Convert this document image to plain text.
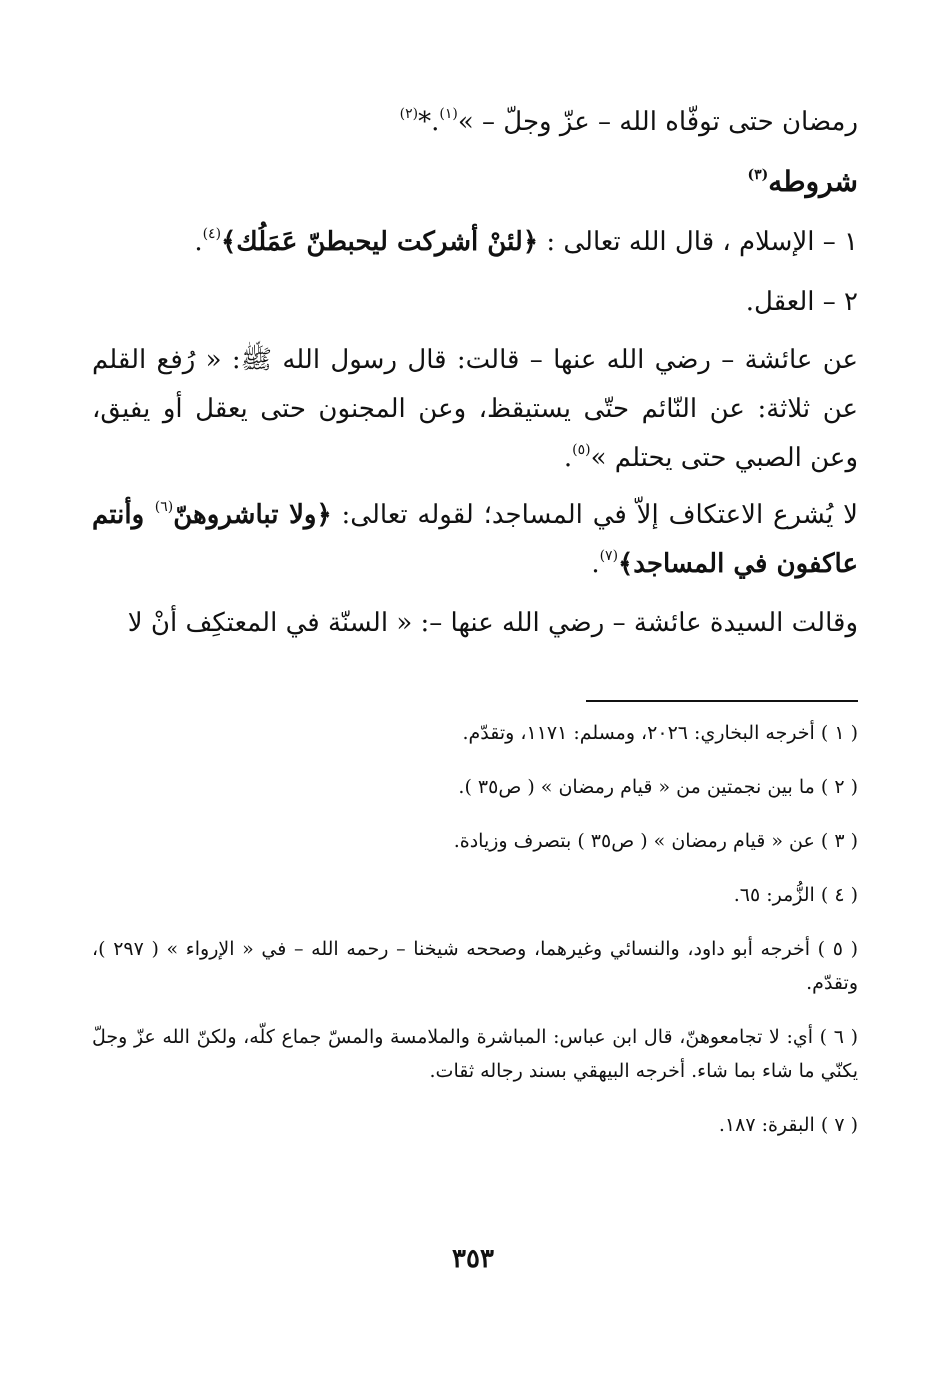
رمضان حتى توفّاه الله – عزّ وجلّ – »$^{(١)}$.*$^{(٢)}$

شروطه$^{(٣)}$

١ – الإسلام ، قال الله تعالى : ﴿لئنْ أشركت ليحبطنّ عَمَلُك﴾$^{(٤)}$.

٢ – العقل.

عن عائشة – رضي الله عنها – قالت: قال رسول الله ﷺ: « رُفع القلم عن ثلاثة: عن النّائم حتّى يستيقظ، وعن المجنون حتى يعقل أو يفيق، وعن الصبي حتى يحتلم »$^{(٥)}$.

لا يُشرع الاعتكاف إلاّ في المساجد؛ لقوله تعالى: ﴿ولا تباشروهنّ$^{(٦)}$ وأنتم عاكفون في المساجد﴾$^{(٧)}$.

وقالت السيدة عائشة – رضي الله عنها –: « السنّة في المعتكِف أنْ لا

( ١ ) أخرجه البخاري: ٢٠٢٦، ومسلم: ١١٧١، وتقدّم.

( ٢ ) ما بين نجمتين من « قيام رمضان » ( ص٣٥ ).

( ٣ ) عن « قيام رمضان » ( ص٣٥ ) بتصرف وزيادة.

( ٤ ) الزُّمر: ٦٥.

( ٥ ) أخرجه أبو داود، والنسائي وغيرهما، وصححه شيخنا – رحمه الله – في « الإرواء » ( ٢٩٧ )، وتقدّم.

( ٦ ) أي: لا تجامعوهنّ، قال ابن عباس: المباشرة والملامسة والمسّ جماع كلّه، ولكنّ الله عزّ وجلّ يكنّي ما شاء بما شاء. أخرجه البيهقي بسند رجاله ثقات.

( ٧ ) البقرة: ١٨٧.

٣٥٣
